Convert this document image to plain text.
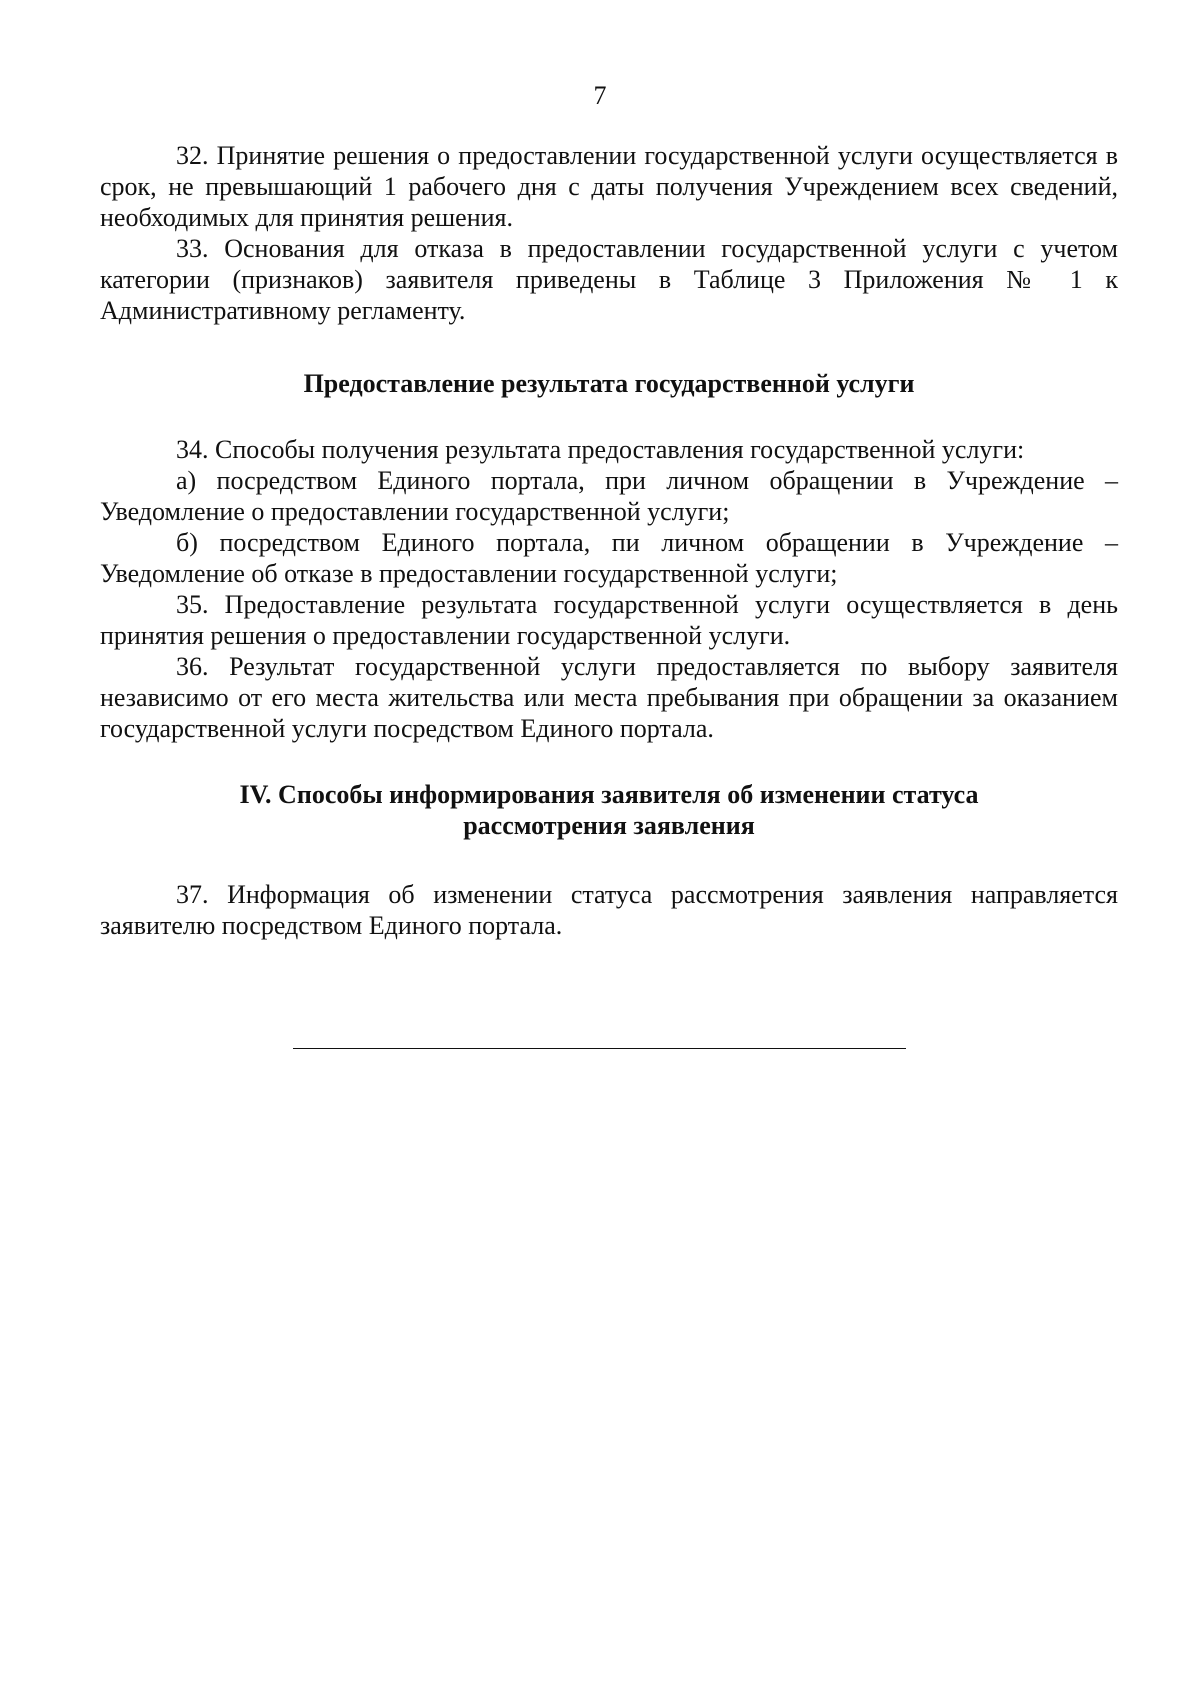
7

32. Принятие решения о предоставлении государственной услуги осуществляется в срок, не превышающий 1 рабочего дня с даты получения Учреждением всех сведений, необходимых для принятия решения.

33. Основания для отказа в предоставлении государственной услуги с учетом категории (признаков) заявителя приведены в Таблице 3 Приложения № 1 к Административному регламенту.

Предоставление результата государственной услуги

34. Способы получения результата предоставления государственной услуги:

а) посредством Единого портала, при личном обращении в Учреждение – Уведомление о предоставлении государственной услуги;

б) посредством Единого портала, пи личном обращении в Учреждение – Уведомление об отказе в предоставлении государственной услуги;

35. Предоставление результата государственной услуги осуществляется в день принятия решения о предоставлении государственной услуги.

36. Результат государственной услуги предоставляется по выбору заявителя независимо от его места жительства или места пребывания при обращении за оказанием государственной услуги посредством Единого портала.

IV. Способы информирования заявителя об изменении статуса

рассмотрения заявления

37. Информация об изменении статуса рассмотрения заявления направляется заявителю посредством Единого портала.
